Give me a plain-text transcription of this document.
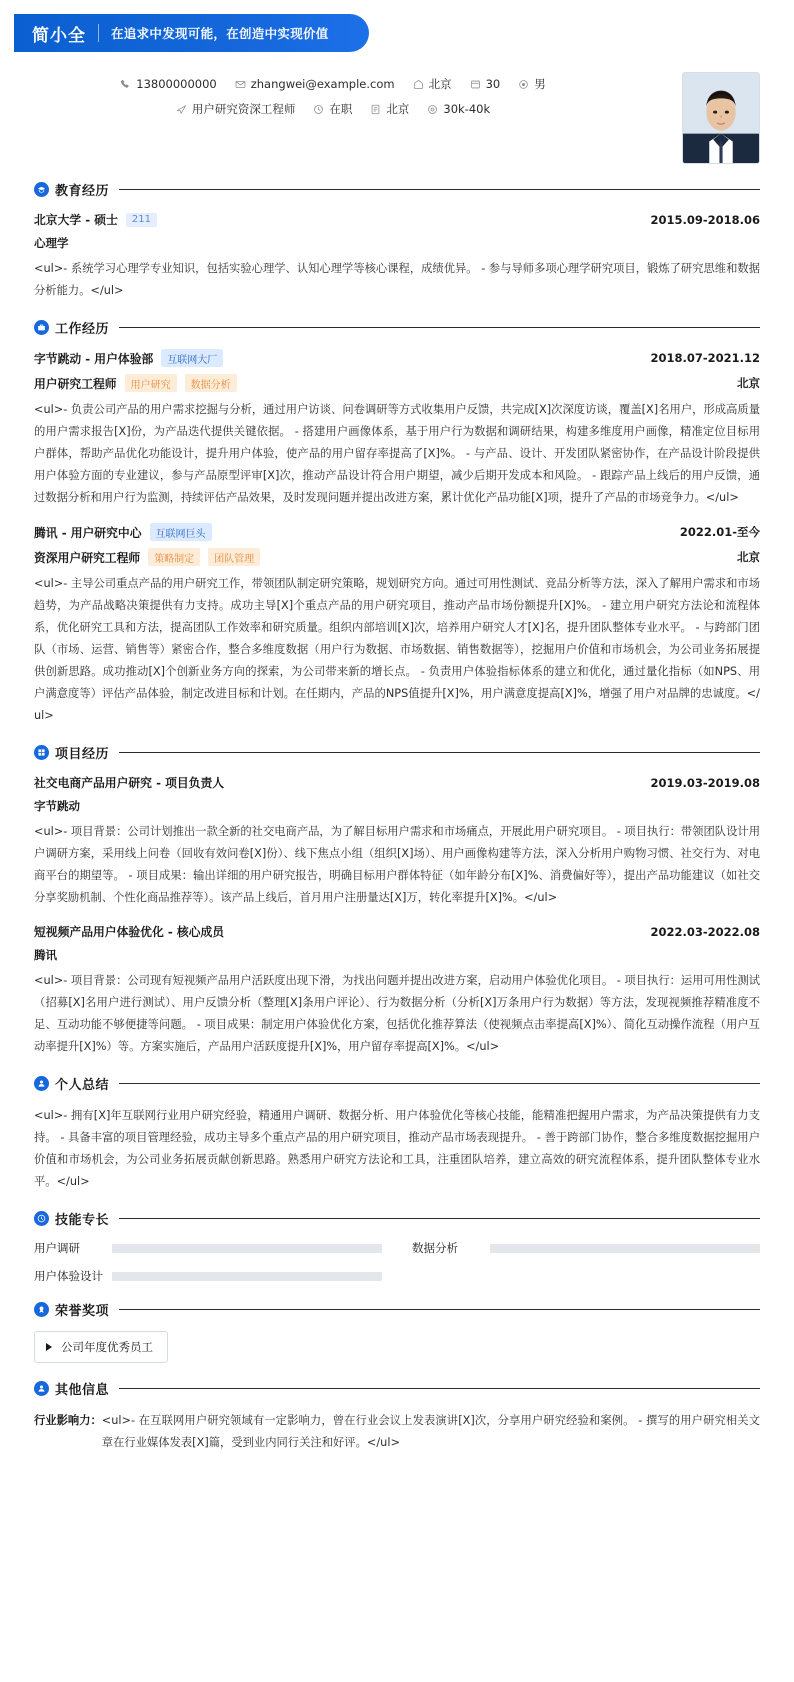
简小全 在追求中发现可能，在创造中实现价值
13800000000	zhangwei@example.com	北京	30	男
用户研究资深工程师	在职	北京	30k-40k
教育经历
北京大学 - 硕士	211	2015.09-2018.06
心理学
<ul>- 系统学习心理学专业知识，包括实验心理学、认知心理学等核心课程，成绩优异。 - 参与导师多项心理学研究项目，锻炼了研究思维和数据分析能力。</ul>
工作经历
字节跳动 - 用户体验部	互联网大厂	2018.07-2021.12
用户研究工程师	用户研究	数据分析	北京
<ul>- 负责公司产品的用户需求挖掘与分析，通过用户访谈、问卷调研等方式收集用户反馈，共完成[X]次深度访谈，覆盖[X]名用户，形成高质量的用户需求报告[X]份，为产品迭代提供关键依据。 - 搭建用户画像体系，基于用户行为数据和调研结果，构建多维度用户画像，精准定位目标用户群体，帮助产品优化功能设计，提升用户体验，使产品的用户留存率提高了[X]%。 - 与产品、设计、开发团队紧密协作，在产品设计阶段提供用户体验方面的专业建议，参与产品原型评审[X]次，推动产品设计符合用户期望，减少后期开发成本和风险。 - 跟踪产品上线后的用户反馈，通过数据分析和用户行为监测，持续评估产品效果，及时发现问题并提出改进方案，累计优化产品功能[X]项，提升了产品的市场竞争力。</ul>
腾讯 - 用户研究中心	互联网巨头	2022.01-至今
资深用户研究工程师	策略制定	团队管理	北京
<ul>- 主导公司重点产品的用户研究工作，带领团队制定研究策略，规划研究方向。通过可用性测试、竞品分析等方法，深入了解用户需求和市场趋势，为产品战略决策提供有力支持。成功主导[X]个重点产品的用户研究项目，推动产品市场份额提升[X]%。 - 建立用户研究方法论和流程体系，优化研究工具和方法，提高团队工作效率和研究质量。组织内部培训[X]次，培养用户研究人才[X]名，提升团队整体专业水平。 - 与跨部门团队（市场、运营、销售等）紧密合作，整合多维度数据（用户行为数据、市场数据、销售数据等），挖掘用户价值和市场机会，为公司业务拓展提供创新思路。成功推动[X]个创新业务方向的探索，为公司带来新的增长点。 - 负责用户体验指标体系的建立和优化，通过量化指标（如NPS、用户满意度等）评估产品体验，制定改进目标和计划。在任期内，产品的NPS值提升[X]%，用户满意度提高[X]%，增强了用户对品牌的忠诚度。</ul>
项目经历
社交电商产品用户研究 - 项目负责人	2019.03-2019.08
字节跳动
<ul>- 项目背景：公司计划推出一款全新的社交电商产品，为了解目标用户需求和市场痛点，开展此用户研究项目。 - 项目执行：带领团队设计用户调研方案，采用线上问卷（回收有效问卷[X]份）、线下焦点小组（组织[X]场）、用户画像构建等方法，深入分析用户购物习惯、社交行为、对电商平台的期望等。 - 项目成果：输出详细的用户研究报告，明确目标用户群体特征（如年龄分布[X]%、消费偏好等），提出产品功能建议（如社交分享奖励机制、个性化商品推荐等）。该产品上线后，首月用户注册量达[X]万，转化率提升[X]%。</ul>
短视频产品用户体验优化 - 核心成员	2022.03-2022.08
腾讯
<ul>- 项目背景：公司现有短视频产品用户活跃度出现下滑，为找出问题并提出改进方案，启动用户体验优化项目。 - 项目执行：运用可用性测试（招募[X]名用户进行测试）、用户反馈分析（整理[X]条用户评论）、行为数据分析（分析[X]万条用户行为数据）等方法，发现视频推荐精准度不足、互动功能不够便捷等问题。 - 项目成果：制定用户体验优化方案，包括优化推荐算法（使视频点击率提高[X]%）、简化互动操作流程（用户互动率提升[X]%）等。方案实施后，产品用户活跃度提升[X]%，用户留存率提高[X]%。</ul>
个人总结
<ul>- 拥有[X]年互联网行业用户研究经验，精通用户调研、数据分析、用户体验优化等核心技能，能精准把握用户需求，为产品决策提供有力支持。 - 具备丰富的项目管理经验，成功主导多个重点产品的用户研究项目，推动产品市场表现提升。 - 善于跨部门协作，整合多维度数据挖掘用户价值和市场机会，为公司业务拓展贡献创新思路。熟悉用户研究方法论和工具，注重团队培养，建立高效的研究流程体系，提升团队整体专业水平。</ul>
技能专长
用户调研	数据分析
用户体验设计
荣誉奖项
公司年度优秀员工
其他信息
行业影响力： <ul>- 在互联网用户研究领域有一定影响力，曾在行业会议上发表演讲[X]次，分享用户研究经验和案例。 - 撰写的用户研究相关文章在行业媒体发表[X]篇，受到业内同行关注和好评。</ul>
